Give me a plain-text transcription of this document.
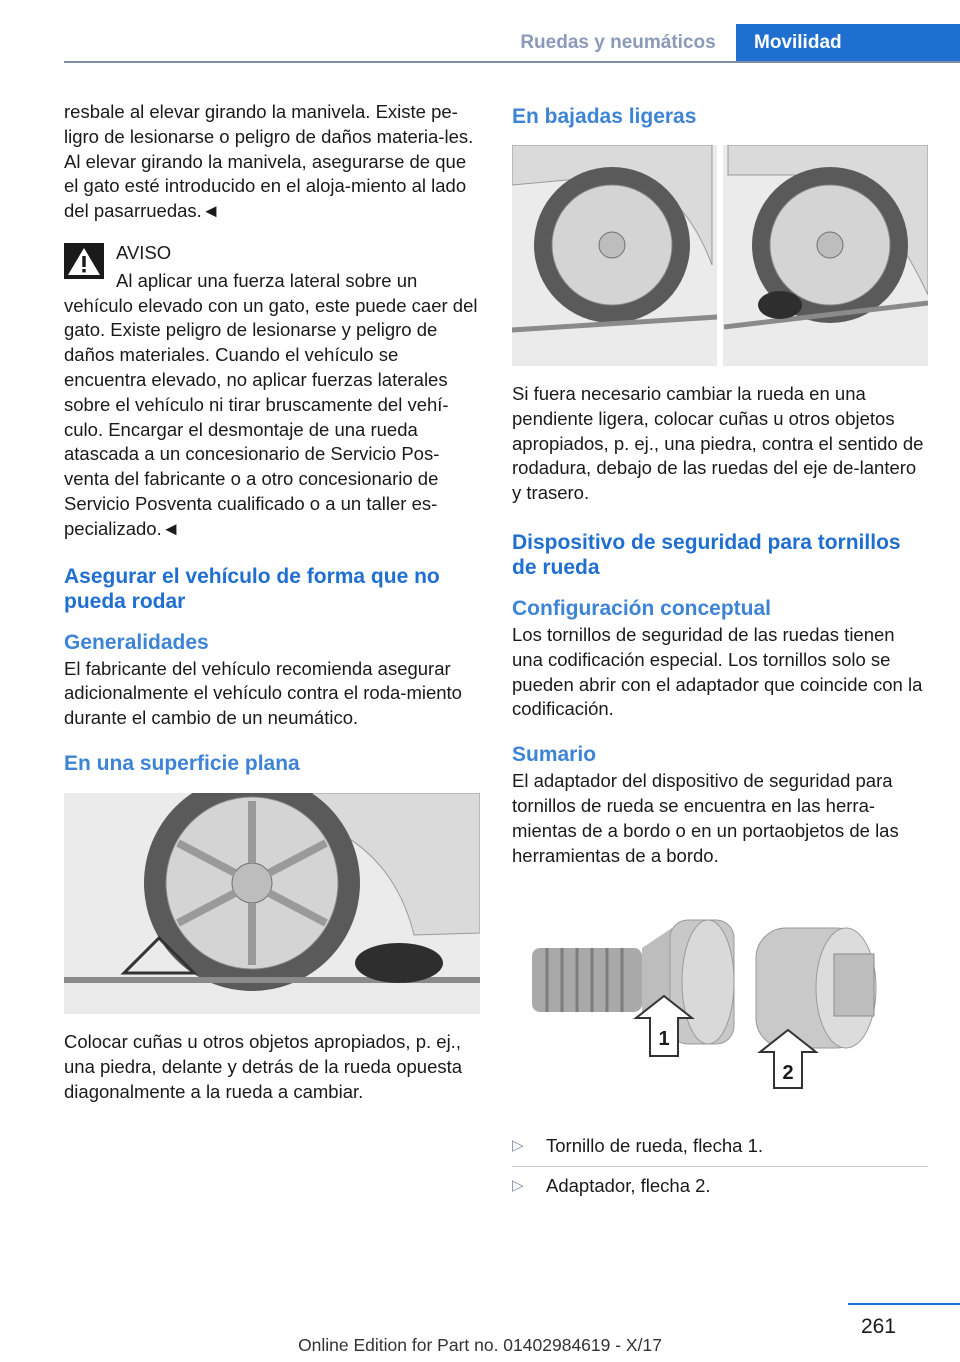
Ruedas y neumáticos	Movilidad

resbale al elevar girando la manivela. Existe pe-ligro de lesionarse o peligro de daños materia-les. Al elevar girando la manivela, asegurarse de que el gato esté introducido en el aloja-miento al lado del pasarruedas.◄

AVISO

Al aplicar una fuerza lateral sobre un vehículo elevado con un gato, este puede caer del gato. Existe peligro de lesionarse y peligro de daños materiales. Cuando el vehículo se encuentra elevado, no aplicar fuerzas laterales sobre el vehículo ni tirar bruscamente del vehí-culo. Encargar el desmontaje de una rueda atascada a un concesionario de Servicio Pos-venta del fabricante o a otro concesionario de Servicio Posventa cualificado o a un taller es-pecializado.◄

Asegurar el vehículo de forma que no pueda rodar
Generalidades

El fabricante del vehículo recomienda asegurar adicionalmente el vehículo contra el roda-miento durante el cambio de un neumático.

En una superficie plana

Colocar cuñas u otros objetos apropiados, p. ej., una piedra, delante y detrás de la rueda opuesta diagonalmente a la rueda a cambiar.

En bajadas ligeras

Si fuera necesario cambiar la rueda en una pendiente ligera, colocar cuñas u otros objetos apropiados, p. ej., una piedra, contra el sentido de rodadura, debajo de las ruedas del eje de-lantero y trasero.

Dispositivo de seguridad para tornillos de rueda
Configuración conceptual

Los tornillos de seguridad de las ruedas tienen una codificación especial. Los tornillos solo se pueden abrir con el adaptador que coincide con la codificación.

Sumario

El adaptador del dispositivo de seguridad para tornillos de rueda se encuentra en las herra-mientas de a bordo o en un portaobjetos de las herramientas de a bordo.

1
2
▷ Tornillo de rueda, flecha 1.
▷ Adaptador, flecha 2.
261
Online Edition for Part no. 01402984619 - X/17
